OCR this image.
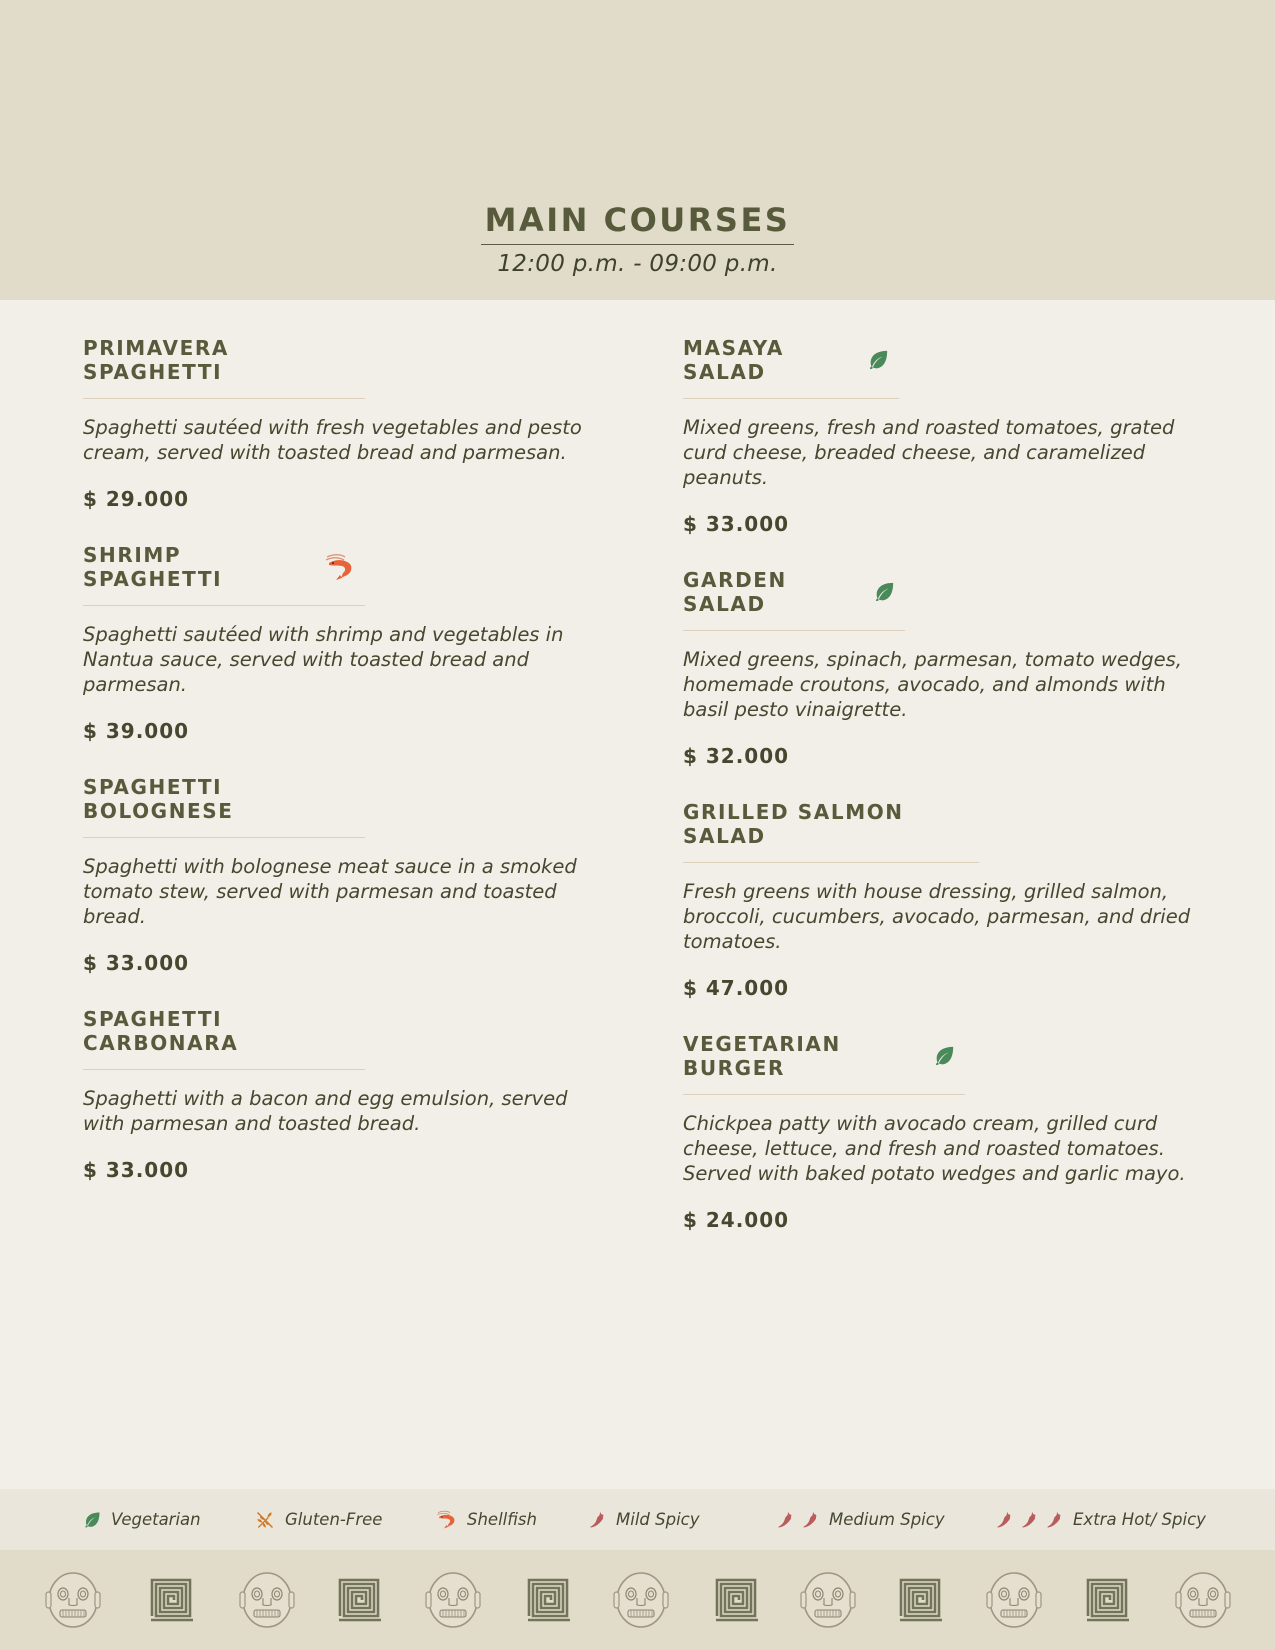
MAIN COURSES
12:00 p.m. - 09:00 p.m.
PRIMAVERA SPAGHETTI
Spaghetti sautéed with fresh vegetables and pesto cream, served with toasted bread and parmesan.
$ 29.000
SHRIMP SPAGHETTI
Spaghetti sautéed with shrimp and vegetables in Nantua sauce, served with toasted bread and parmesan.
$ 39.000
SPAGHETTI BOLOGNESE
Spaghetti with bolognese meat sauce in a smoked tomato stew, served with parmesan and toasted bread.
$ 33.000
SPAGHETTI CARBONARA
Spaghetti with a bacon and egg emulsion, served with parmesan and toasted bread.
$ 33.000
MASAYA SALAD
Mixed greens, fresh and roasted tomatoes, grated curd cheese, breaded cheese, and caramelized peanuts.
$ 33.000
GARDEN SALAD
Mixed greens, spinach, parmesan, tomato wedges, homemade croutons, avocado, and almonds with basil pesto vinaigrette.
$ 32.000
GRILLED SALMON SALAD
Fresh greens with house dressing, grilled salmon, broccoli, cucumbers, avocado, parmesan, and dried tomatoes.
$ 47.000
VEGETARIAN BURGER
Chickpea patty with avocado cream, grilled curd cheese, lettuce, and fresh and roasted tomatoes. Served with baked potato wedges and garlic mayo.
$ 24.000
Vegetarian	Gluten-Free	Shellfish	Mild Spicy	Medium Spicy	Extra Hot/ Spicy
